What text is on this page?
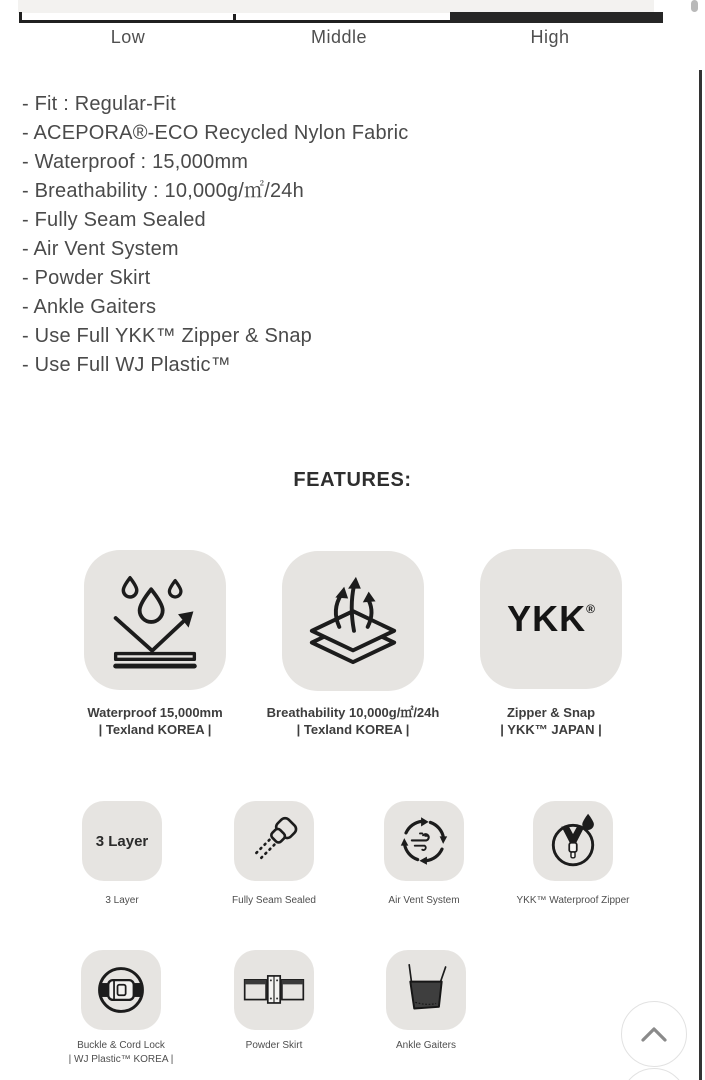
Low	Middle	High
- Fit : Regular-Fit
- ACEPORA®-ECO Recycled Nylon Fabric
- Waterproof : 15,000mm
- Breathability : 10,000g/㎡/24h
- Fully Seam Sealed
- Air Vent System
- Powder Skirt
- Ankle Gaiters
- Use Full YKK™ Zipper & Snap
- Use Full WJ Plastic™
FEATURES:
YKK®
Waterproof 15,000mm
| Texland KOREA |
Breathability 10,000g/㎡/24h
| Texland KOREA |
Zipper & Snap
| YKK™ JAPAN |
3 Layer
3 Layer	Fully Seam Sealed	Air Vent System	YKK™ Waterproof Zipper
Buckle & Cord Lock
| WJ Plastic™ KOREA |
Powder Skirt	Ankle Gaiters
